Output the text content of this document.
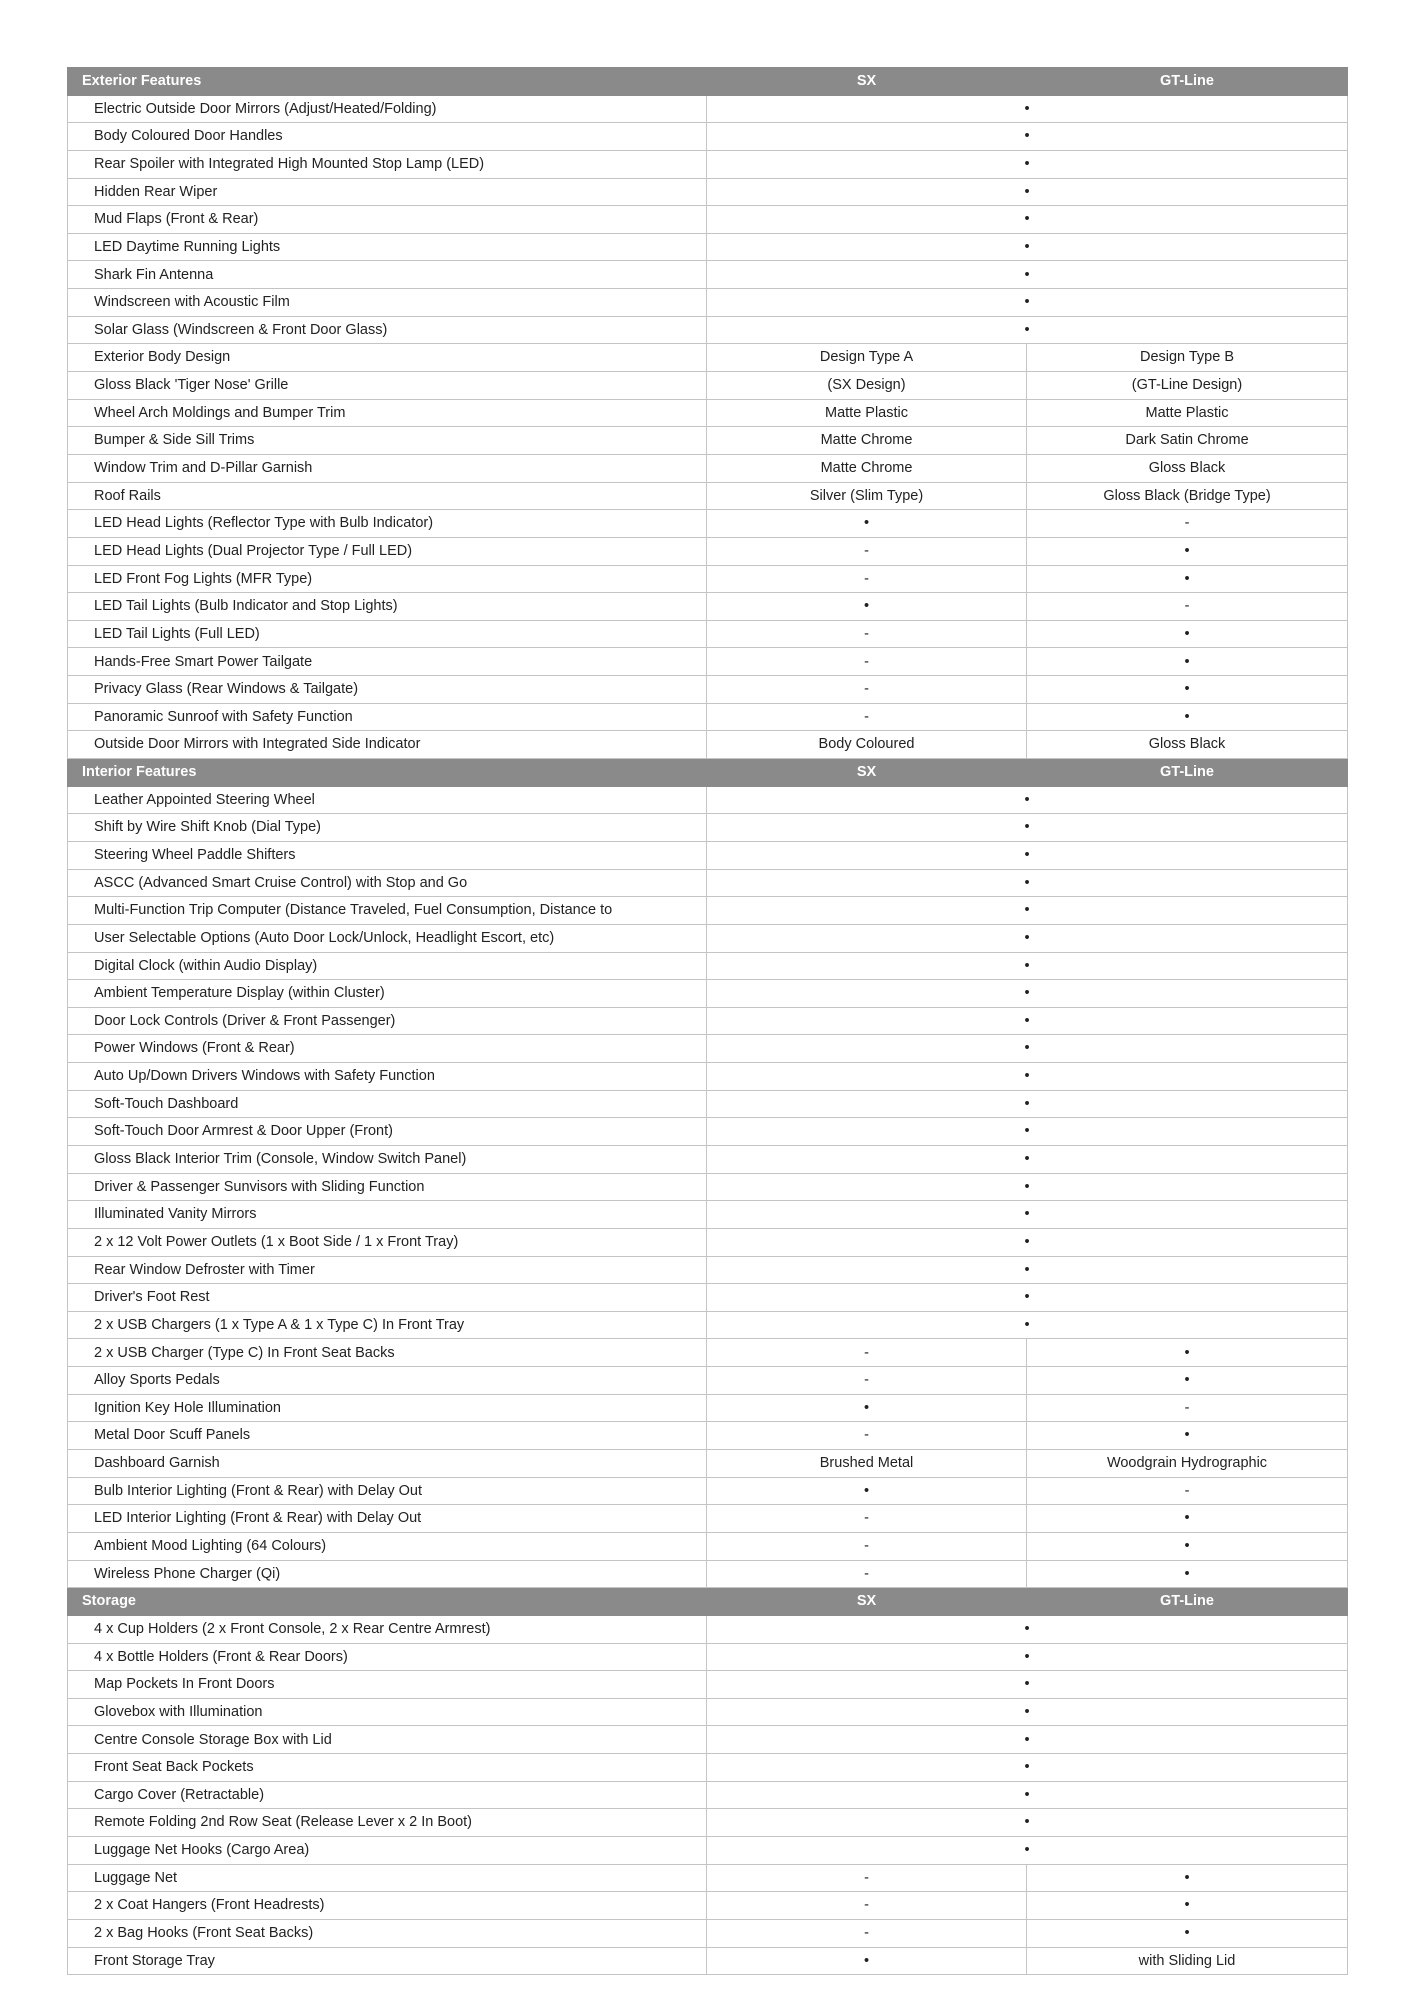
Exterior Features	SX	GT-Line
Electric Outside Door Mirrors (Adjust/Heated/Folding)	•	
Body Coloured Door Handles	•	
Rear Spoiler with Integrated High Mounted Stop Lamp (LED)	•	
Hidden Rear Wiper	•	
Mud Flaps (Front & Rear)	•	
LED Daytime Running Lights	•	
Shark Fin Antenna	•	
Windscreen with Acoustic Film	•	
Solar Glass (Windscreen & Front Door Glass)	•	
Exterior Body Design	Design Type A	Design Type B
Gloss Black 'Tiger Nose' Grille	(SX Design)	(GT-Line Design)
Wheel Arch Moldings and Bumper Trim	Matte Plastic	Matte Plastic
Bumper & Side Sill Trims	Matte Chrome	Dark Satin Chrome
Window Trim and D-Pillar Garnish	Matte Chrome	Gloss Black
Roof Rails	Silver (Slim Type)	Gloss Black (Bridge Type)
LED Head Lights (Reflector Type with Bulb Indicator)	•	-
LED Head Lights (Dual Projector Type / Full LED)	-	•
LED Front Fog Lights (MFR Type)	-	•
LED Tail Lights (Bulb Indicator and Stop Lights)	•	-
LED Tail Lights (Full LED)	-	•
Hands-Free Smart Power Tailgate	-	•
Privacy Glass (Rear Windows & Tailgate)	-	•
Panoramic Sunroof with Safety Function	-	•
Outside Door Mirrors with Integrated Side Indicator	Body Coloured	Gloss Black
Interior Features	SX	GT-Line
Leather Appointed Steering Wheel	•	
Shift by Wire Shift Knob (Dial Type)	•	
Steering Wheel Paddle Shifters	•	
ASCC (Advanced Smart Cruise Control) with Stop and Go	•	
Multi-Function Trip Computer (Distance Traveled, Fuel Consumption, Distance to	•	
User Selectable Options (Auto Door Lock/Unlock, Headlight Escort, etc)	•	
Digital Clock (within Audio Display)	•	
Ambient Temperature Display (within Cluster)	•	
Door Lock Controls (Driver & Front Passenger)	•	
Power Windows (Front & Rear)	•	
Auto Up/Down Drivers Windows with Safety Function	•	
Soft-Touch Dashboard	•	
Soft-Touch Door Armrest & Door Upper (Front)	•	
Gloss Black Interior Trim (Console, Window Switch Panel)	•	
Driver & Passenger Sunvisors with Sliding Function	•	
Illuminated Vanity Mirrors	•	
2 x 12 Volt Power Outlets (1 x Boot Side / 1 x Front Tray)	•	
Rear Window Defroster with Timer	•	
Driver's Foot Rest	•	
2 x USB Chargers (1 x Type A & 1 x Type C) In Front Tray	•	
2 x USB Charger (Type C) In Front Seat Backs	-	•
Alloy Sports Pedals	-	•
Ignition Key Hole Illumination	•	-
Metal Door Scuff Panels	-	•
Dashboard Garnish	Brushed Metal	Woodgrain Hydrographic
Bulb Interior Lighting (Front & Rear) with Delay Out	•	-
LED Interior Lighting (Front & Rear) with Delay Out	-	•
Ambient Mood Lighting (64 Colours)	-	•
Wireless Phone Charger (Qi)	-	•
Storage	SX	GT-Line
4 x Cup Holders (2 x Front Console, 2 x Rear Centre Armrest)	•	
4 x Bottle Holders (Front & Rear Doors)	•	
Map Pockets In Front Doors	•	
Glovebox with Illumination	•	
Centre Console Storage Box with Lid	•	
Front Seat Back Pockets	•	
Cargo Cover (Retractable)	•	
Remote Folding 2nd Row Seat (Release Lever x 2 In Boot)	•	
Luggage Net Hooks (Cargo Area)	•	
Luggage Net	-	•
2 x Coat Hangers (Front Headrests)	-	•
2 x Bag Hooks (Front Seat Backs)	-	•
Front Storage Tray	•	with Sliding Lid
